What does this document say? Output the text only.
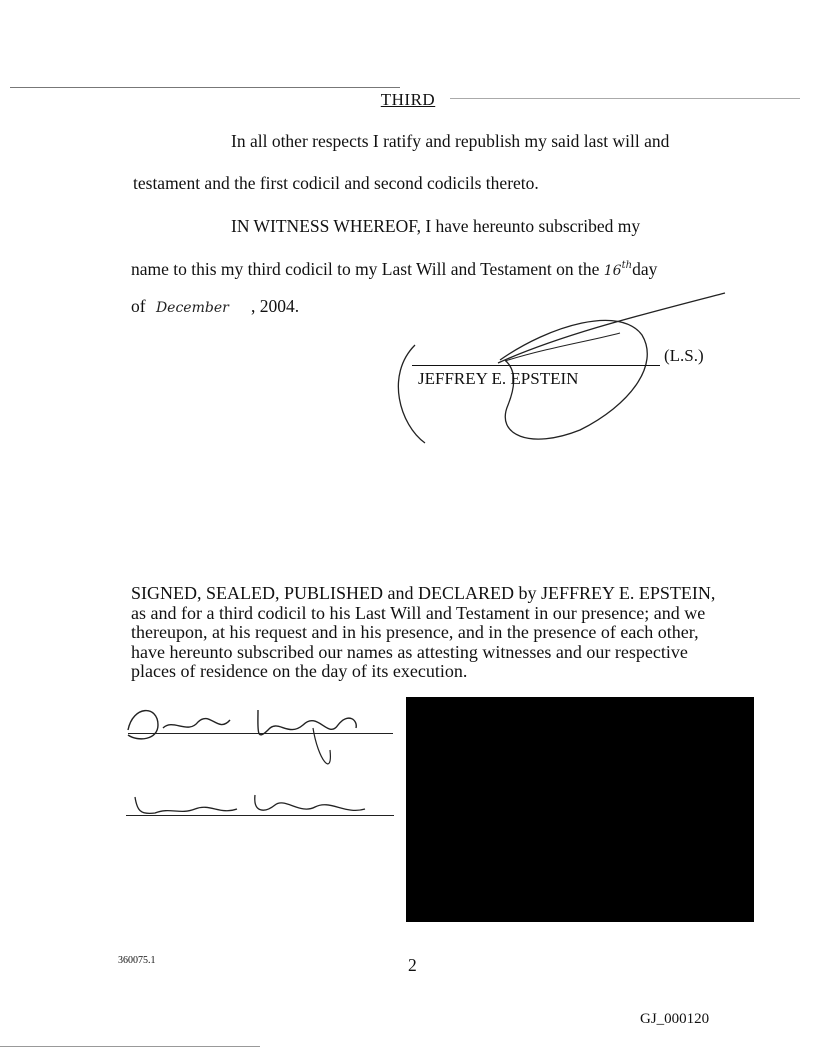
THIRD
In all other respects I ratify and republish my said last will and
testament and the first codicil and second codicils thereto.
IN WITNESS WHEREOF, I have hereunto subscribed my
name to this my third codicil to my Last Will and Testament on the 16thday
of December , 2004.
(L.S.)
JEFFREY E. EPSTEIN
SIGNED, SEALED, PUBLISHED and DECLARED by JEFFREY E. EPSTEIN, as and for a third codicil to his Last Will and Testament in our presence; and we thereupon, at his request and in his presence, and in the presence of each other, have hereunto subscribed our names as attesting witnesses and our respective places of residence on the day of its execution.
360075.1	2
GJ_000120
